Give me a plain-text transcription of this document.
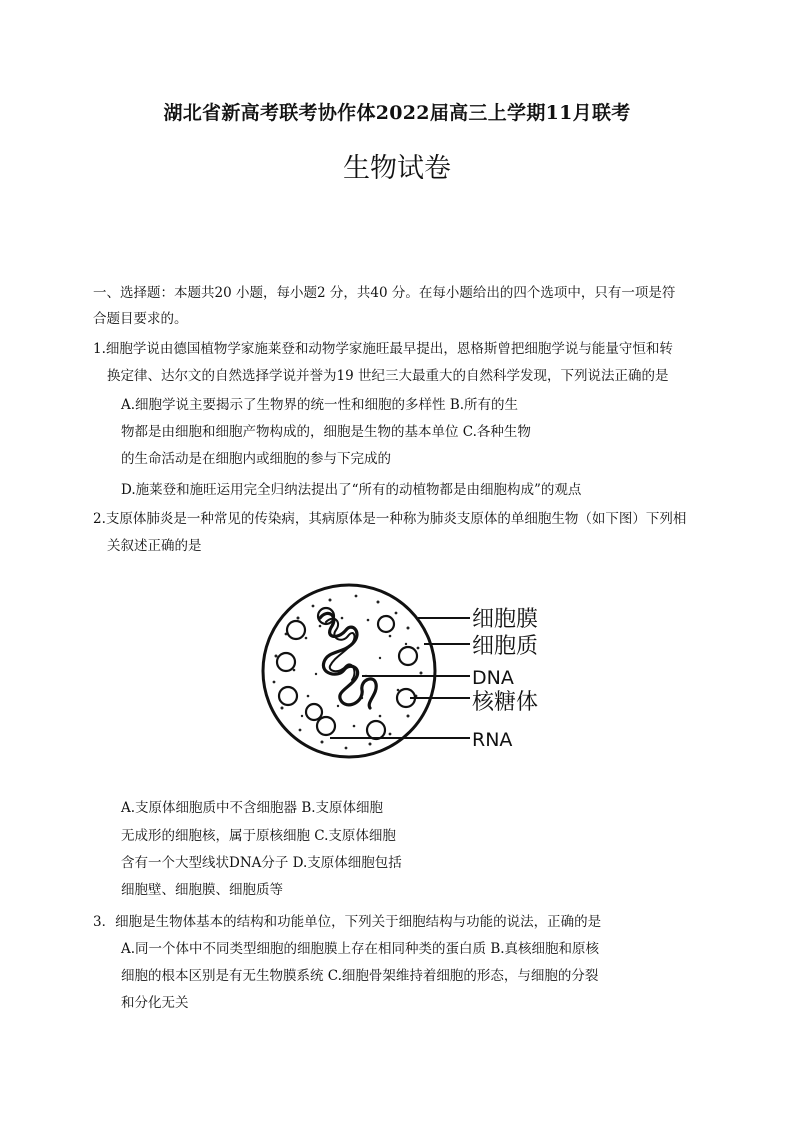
湖北省新高考联考协作体2022届高三上学期11月联考
生物试卷
一、选择题：本题共20 小题，每小题2 分，共40 分。在每小题给出的四个选项中，只有一项是符
合题目要求的。
1.细胞学说由德国植物学家施莱登和动物学家施旺最早提出，恩格斯曾把细胞学说与能量守恒和转
换定律、达尔文的自然选择学说并誉为19 世纪三大最重大的自然科学发现，下列说法正确的是
A.细胞学说主要揭示了生物界的统一性和细胞的多样性 B.所有的生
物都是由细胞和细胞产物构成的，细胞是生物的基本单位 C.各种生物
的生命活动是在细胞内或细胞的参与下完成的
D.施莱登和施旺运用完全归纳法提出了“所有的动植物都是由细胞构成”的观点
2.支原体肺炎是一种常见的传染病，其病原体是一种称为肺炎支原体的单细胞生物（如下图）下列相
关叙述正确的是
细胞膜
细胞质
DNA
核糖体
RNA
A.支原体细胞质中不含细胞器 B.支原体细胞
无成形的细胞核，属于原核细胞 C.支原体细胞
含有一个大型线状DNA分子 D.支原体细胞包括
细胞壁、细胞膜、细胞质等
3．细胞是生物体基本的结构和功能单位，下列关于细胞结构与功能的说法，正确的是
A.同一个体中不同类型细胞的细胞膜上存在相同种类的蛋白质 B.真核细胞和原核
细胞的根本区别是有无生物膜系统 C.细胞骨架维持着细胞的形态，与细胞的分裂
和分化无关
